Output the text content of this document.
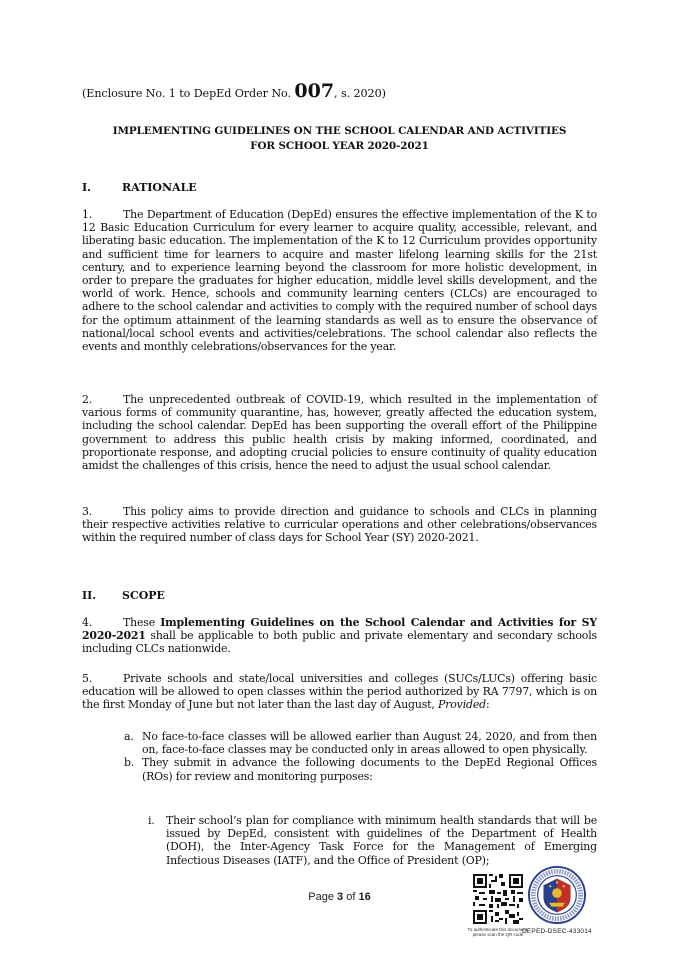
(Enclosure No. 1 to DepEd Order No. 007, s. 2020)
IMPLEMENTING GUIDELINES ON THE SCHOOL CALENDAR AND ACTIVITIES
FOR SCHOOL YEAR 2020-2021
I.	RATIONALE

1.	The Department of Education (DepEd) ensures the effective implementation of the K to 12 Basic Education Curriculum for every learner to acquire quality, accessible, relevant, and liberating basic education. The implementation of the K to 12 Curriculum provides opportunity and sufficient time for learners to acquire and master lifelong learning skills for the 21st century, and to experience learning beyond the classroom for more holistic development, in order to prepare the graduates for higher education, middle level skills development, and the world of work. Hence, schools and community learning centers (CLCs) are encouraged to adhere to the school calendar and activities to comply with the required number of school days for the optimum attainment of the learning standards as well as to ensure the observance of national/local school events and activities/celebrations. The school calendar also reflects the events and monthly celebrations/observances for the year.

2.	The unprecedented outbreak of COVID-19, which resulted in the implementation of various forms of community quarantine, has, however, greatly affected the education system, including the school calendar. DepEd has been supporting the overall effort of the Philippine government to address this public health crisis by making informed, coordinated, and proportionate response, and adopting crucial policies to ensure continuity of quality education amidst the challenges of this crisis, hence the need to adjust the usual school calendar.

3.	This policy aims to provide direction and guidance to schools and CLCs in planning their respective activities relative to curricular operations and other celebrations/observances within the required number of class days for School Year (SY) 2020-2021.

II.	SCOPE

4.	These Implementing Guidelines on the School Calendar and Activities for SY 2020-2021 shall be applicable to both public and private elementary and secondary schools including CLCs nationwide.

5.	Private schools and state/local universities and colleges (SUCs/LUCs) offering basic education will be allowed to open classes within the period authorized by RA 7797, which is on the first Monday of June but not later than the last day of August, Provided:

a. No face-to-face classes will be allowed earlier than August 24, 2020, and from then on, face-to-face classes may be conducted only in areas allowed to open physically.
b. They submit in advance the following documents to the DepEd Regional Offices (ROs) for review and monitoring purposes:
i.	Their school’s plan for compliance with minimum health standards that will be issued by DepEd, consistent with guidelines of the Department of Health (DOH), the Inter-Agency Task Force for the Management of Emerging Infectious Diseases (IATF), and the Office of President (OP);
Page 3 of 16
To authenticate this document, please scan the QR code
DEPED-DSEC-433014
